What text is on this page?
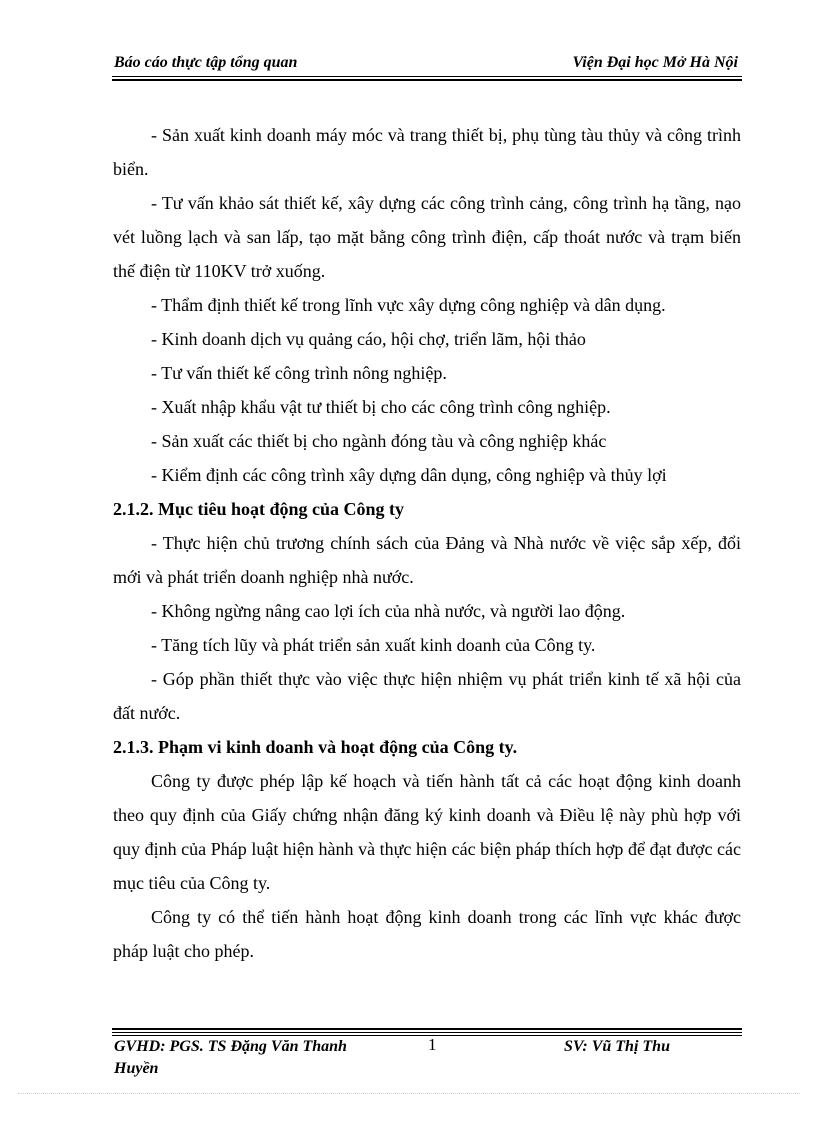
Báo cáo thực tập tổng quan	Viện Đại học Mở Hà Nội

- Sản xuất kinh doanh máy móc và trang thiết bị, phụ tùng tàu thủy và công trình biển.

- Tư vấn khảo sát thiết kế, xây dựng các công trình cảng, công trình hạ tầng, nạo vét luồng lạch và san lấp, tạo mặt bằng công trình điện, cấp thoát nước và trạm biến thế điện từ 110KV trở xuống.

- Thẩm định thiết kế trong lĩnh vực xây dựng công nghiệp và dân dụng.

- Kinh doanh dịch vụ quảng cáo, hội chợ, triển lãm, hội thảo

- Tư vấn thiết kế công trình nông nghiệp.

- Xuất nhập khẩu vật tư thiết bị cho các công trình công nghiệp.

- Sản xuất các thiết bị cho ngành đóng tàu và công nghiệp khác

- Kiểm định các công trình xây dựng dân dụng, công nghiệp và thủy lợi

2.1.2. Mục tiêu hoạt động của Công ty

- Thực hiện chủ trương chính sách của Đảng và Nhà nước về việc sắp xếp, đổi mới và phát triển doanh nghiệp nhà nước.

- Không ngừng nâng cao lợi ích của nhà nước, và người lao động.

- Tăng tích lũy và phát triển sản xuất kinh doanh của Công ty.

- Góp phần thiết thực vào việc thực hiện nhiệm vụ phát triển kinh tế xã hội của đất nước.

2.1.3. Phạm vi kinh doanh và hoạt động của Công ty.

Công ty được phép lập kế hoạch và tiến hành tất cả các hoạt động kinh doanh theo quy định của Giấy chứng nhận đăng ký kinh doanh và Điều lệ này phù hợp với quy định của Pháp luật hiện hành và thực hiện các biện pháp thích hợp để đạt được các mục tiêu của Công ty.

Công ty có thể tiến hành hoạt động kinh doanh trong các lĩnh vực khác được pháp luật cho phép.

GVHD: PGS. TS Đặng Văn Thanh Huyền
1	SV: Vũ Thị Thu
